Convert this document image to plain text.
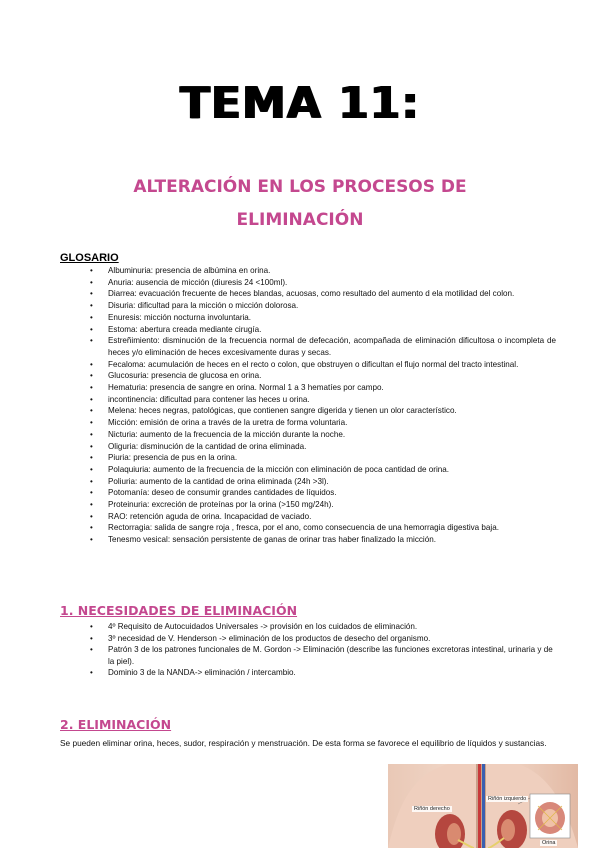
TEMA 11:
ALTERACIÓN EN LOS PROCESOS DE
ELIMINACIÓN
GLOSARIO
• Albuminuria: presencia de albúmina en orina.
• Anuria: ausencia de micción (diuresis 24 <100ml).
• Diarrea: evacuación frecuente de heces blandas, acuosas, como resultado del aumento d ela motilidad del colon.
• Disuria: dificultad para la micción o micción dolorosa.
• Enuresis: micción nocturna involuntaria.
• Estoma: abertura creada mediante cirugía.
• Estreñimiento: disminución de la frecuencia normal de defecación, acompañada de eliminación dificultosa o incompleta de heces y/o eliminación de heces excesivamente duras y secas.
• Fecaloma: acumulación de heces en el recto o colon, que obstruyen o dificultan el flujo normal del tracto intestinal.
• Glucosuria: presencia de glucosa en orina.
• Hematuria: presencia de sangre en orina. Normal 1 a 3 hematíes por campo.
• incontinencia: dificultad para contener las heces u orina.
• Melena: heces negras, patológicas, que contienen sangre digerida y tienen un olor característico.
• Micción: emisión de orina a través de la uretra de forma voluntaria.
• Nicturia: aumento de la frecuencia de la micción durante la noche.
• Oliguria: disminución de la cantidad de orina eliminada.
• Piuria: presencia de pus en la orina.
• Polaquiuria: aumento de la frecuencia de la micción con eliminación de poca cantidad de orina.
• Poliuria: aumento de la cantidad de orina eliminada (24h >3l).
• Potomanía: deseo de consumir grandes cantidades de líquidos.
• Proteinuria: excreción de proteínas por la orina (>150 mg/24h).
• RAO: retención aguda de orina. Incapacidad de vaciado.
• Rectorragia: salida de sangre roja , fresca, por el ano, como consecuencia de una hemorragia digestiva baja.
• Tenesmo vesical: sensación persistente de ganas de orinar tras haber finalizado la micción.
1. NECESIDADES DE ELIMINACIÓN
• 4º Requisito de Autocuidados Universales -> provisión en los cuidados de eliminación.
• 3º necesidad de V. Henderson -> eliminación de los productos de desecho del organismo.
• Patrón 3 de los patrones funcionales de M. Gordon -> Eliminación (describe las funciones excretoras intestinal, urinaria y de la piel).
• Dominio 3 de la NANDA-> eliminación / intercambio.
2. ELIMINACIÓN
Se pueden eliminar orina, heces, sudor, respiración y menstruación. De esta forma se favorece el equilibrio de líquidos y sustancias.
Riñón derecho
Riñón izquierdo
Orina
